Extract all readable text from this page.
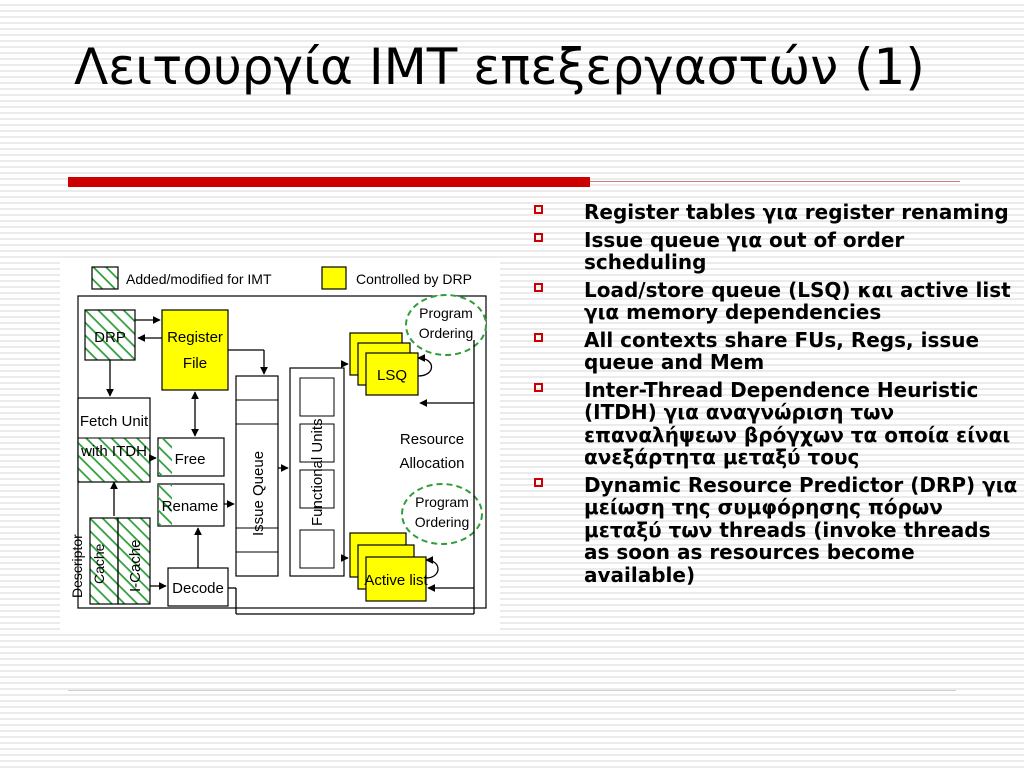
Λειτουργία IMT επεξεργαστών (1)
Added/modified for IMT	Controlled by DRP
DRP	Register
File
Fetch Unit
with ITDH Free
Rename
Descriptor Cache I-Cache Decode
Issue Queue	Functional Units
LSQ
Active list
Resource
Allocation
Program
Ordering
Program
Ordering
Register tables για register renaming
Issue queue για out of order scheduling
Load/store queue (LSQ) και active list για memory dependencies
All contexts share FUs, Regs, issue queue and Mem
Inter-Thread Dependence Heuristic (ITDH) για αναγνώριση των επαναλήψεων βρόγχων τα οποία είναι ανεξάρτητα μεταξύ τους
Dynamic Resource Predictor (DRP) για μείωση της συμφόρησης πόρων μεταξύ των threads (invoke threads as soon as resources become available)
